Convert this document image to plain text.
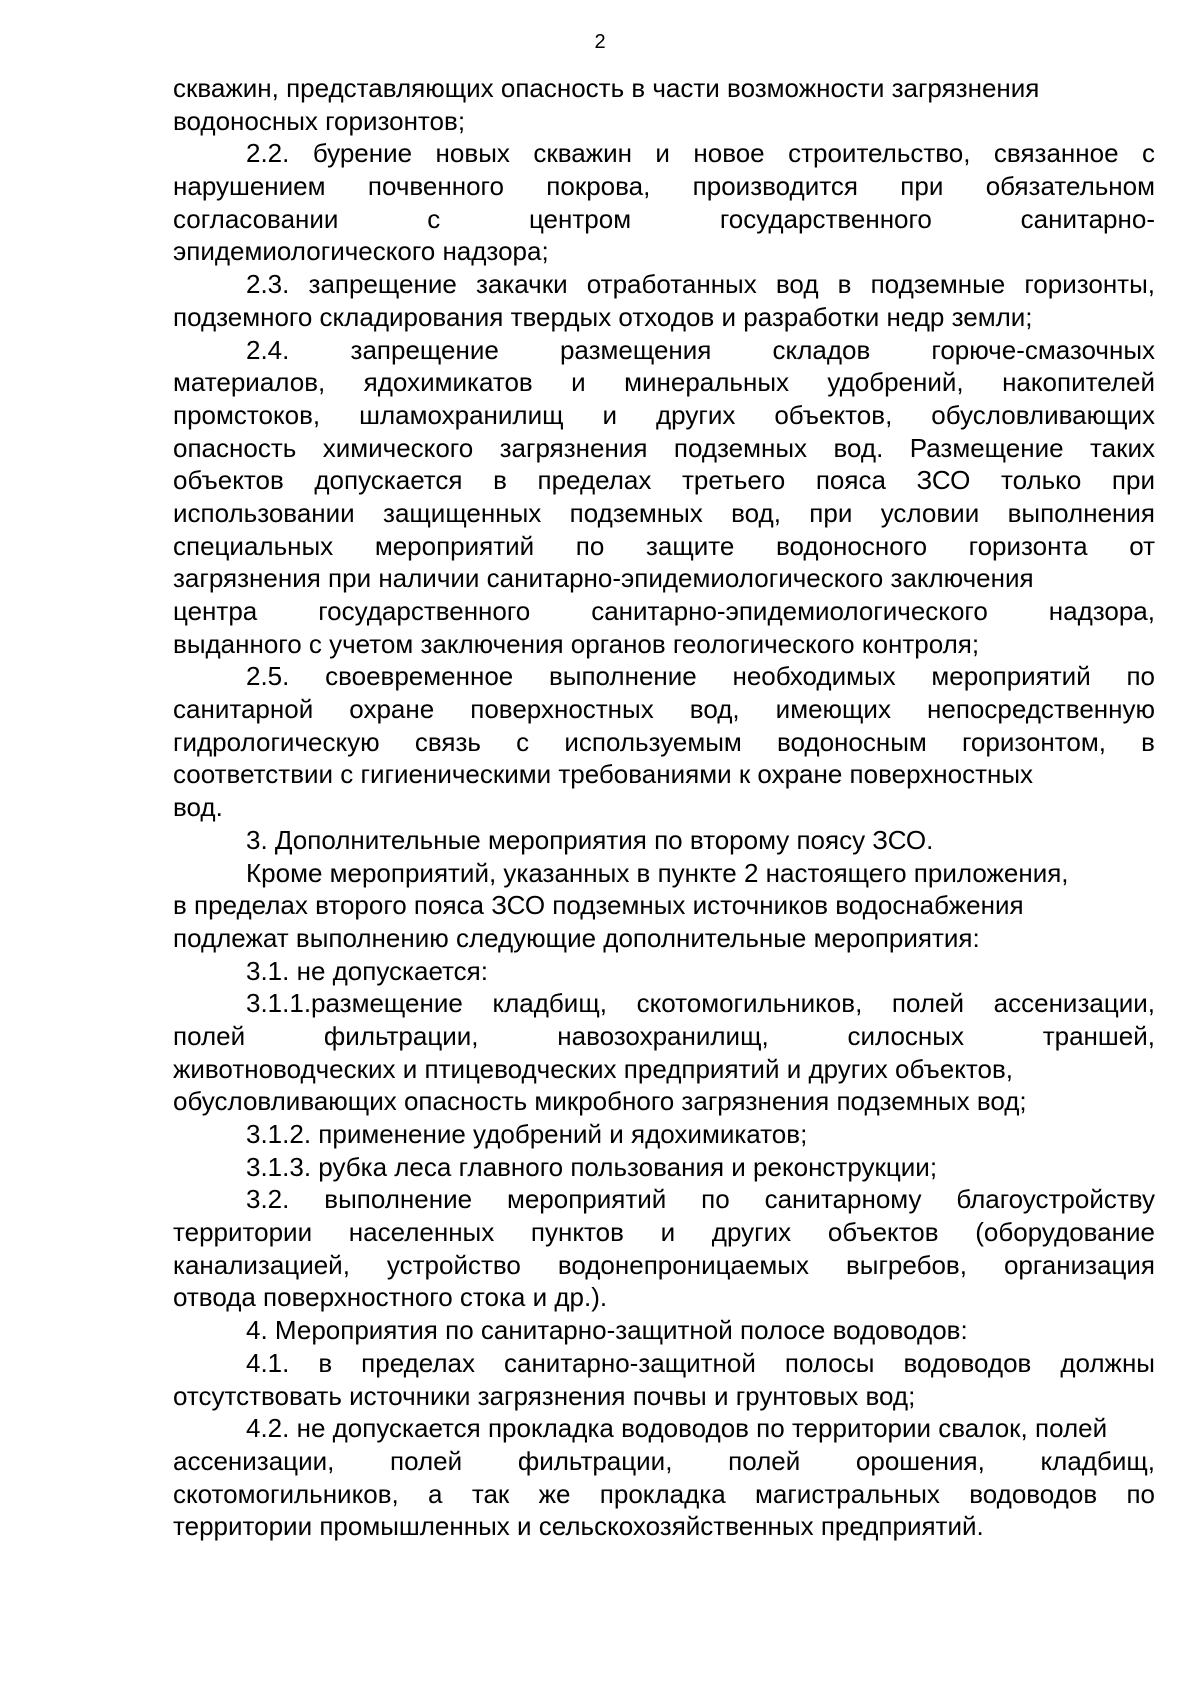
2
скважин, представляющих опасность в части возможности загрязнения
водоносных горизонтов;
2.2. бурение новых скважин и новое строительство, связанное с
нарушением почвенного покрова, производится при обязательном
согласовании с центром государственного санитарно-
эпидемиологического надзора;
2.3. запрещение закачки отработанных вод в подземные горизонты,
подземного складирования твердых отходов и разработки недр земли;
2.4. запрещение размещения складов горюче-смазочных
материалов, ядохимикатов и минеральных удобрений, накопителей
промстоков, шламохранилищ и других объектов, обусловливающих
опасность химического загрязнения подземных вод. Размещение таких
объектов допускается в пределах третьего пояса ЗСО только при
использовании защищенных подземных вод, при условии выполнения
специальных мероприятий по защите водоносного горизонта от
загрязнения при наличии санитарно-эпидемиологического заключения
центра государственного санитарно-эпидемиологического надзора,
выданного с учетом заключения органов геологического контроля;
2.5. своевременное выполнение необходимых мероприятий по
санитарной охране поверхностных вод, имеющих непосредственную
гидрологическую связь с используемым водоносным горизонтом, в
соответствии с гигиеническими требованиями к охране поверхностных
вод.
3. Дополнительные мероприятия по второму поясу ЗСО.
Кроме мероприятий, указанных в пункте 2 настоящего приложения,
в пределах второго пояса ЗСО подземных источников водоснабжения
подлежат выполнению следующие дополнительные мероприятия:
3.1. не допускается:
3.1.1.размещение кладбищ, скотомогильников, полей ассенизации,
полей фильтрации, навозохранилищ, силосных траншей,
животноводческих и птицеводческих предприятий и других объектов,
обусловливающих опасность микробного загрязнения подземных вод;
3.1.2. применение удобрений и ядохимикатов;
3.1.3. рубка леса главного пользования и реконструкции;
3.2. выполнение мероприятий по санитарному благоустройству
территории населенных пунктов и других объектов (оборудование
канализацией, устройство водонепроницаемых выгребов, организация
отвода поверхностного стока и др.).
4. Мероприятия по санитарно-защитной полосе водоводов:
4.1. в пределах санитарно-защитной полосы водоводов должны
отсутствовать источники загрязнения почвы и грунтовых вод;
4.2. не допускается прокладка водоводов по территории свалок, полей
ассенизации, полей фильтрации, полей орошения, кладбищ,
скотомогильников, а так же прокладка магистральных водоводов по
территории промышленных и сельскохозяйственных предприятий.
